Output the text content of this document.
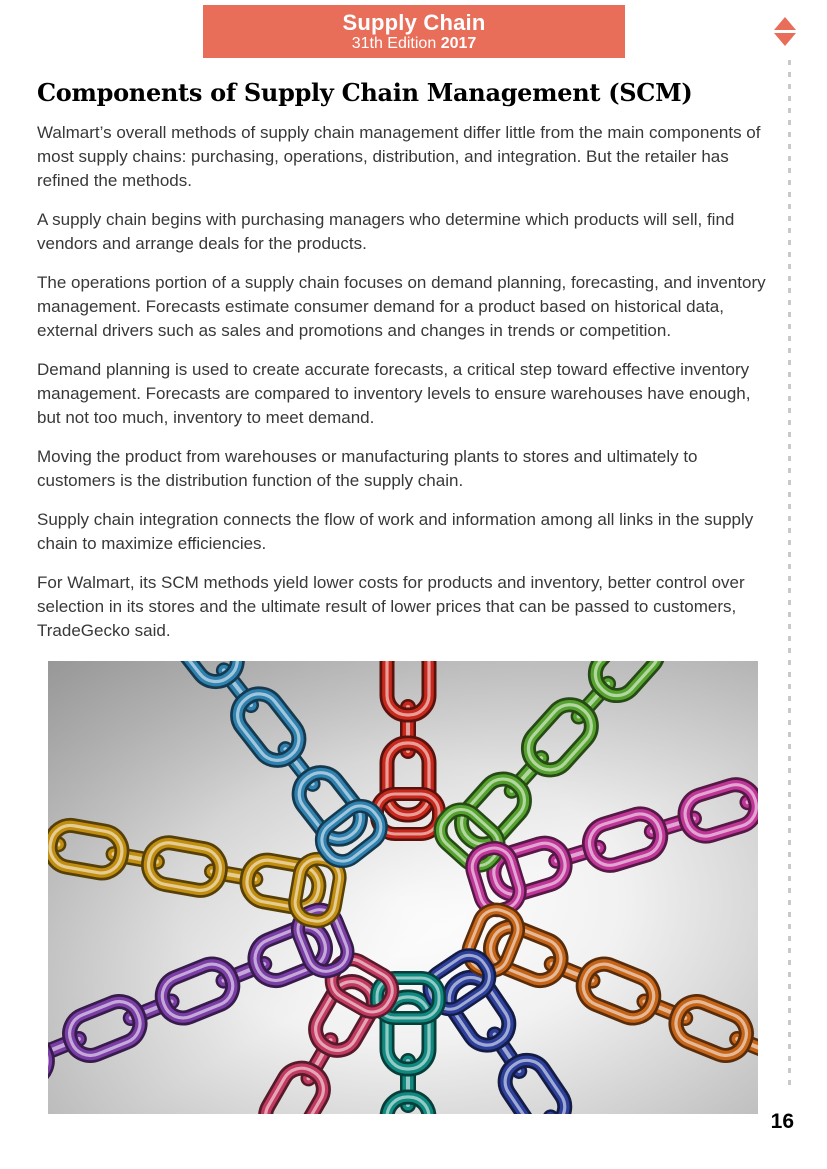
Supply Chain
31th Edition 2017
Components of Supply Chain Management (SCM)

Walmart’s overall methods of supply chain management differ little from the main components of most supply chains: purchasing, operations, distribution, and integration. But the retailer has refined the methods.

A supply chain begins with purchasing managers who determine which products will sell, find vendors and arrange deals for the products.

The operations portion of a supply chain focuses on demand planning, forecasting, and inventory management. Forecasts estimate consumer demand for a product based on historical data, external drivers such as sales and promotions and changes in trends or competition.

Demand planning is used to create accurate forecasts, a critical step toward effective inventory management. Forecasts are compared to inventory levels to ensure warehouses have enough, but not too much, inventory to meet demand.

Moving the product from warehouses or manufacturing plants to stores and ultimately to customers is the distribution function of the supply chain.

Supply chain integration connects the flow of work and information among all links in the supply chain to maximize efficiencies.

For Walmart, its SCM methods yield lower costs for products and inventory, better control over selection in its stores and the ultimate result of lower prices that can be passed to customers, TradeGecko said.

16
